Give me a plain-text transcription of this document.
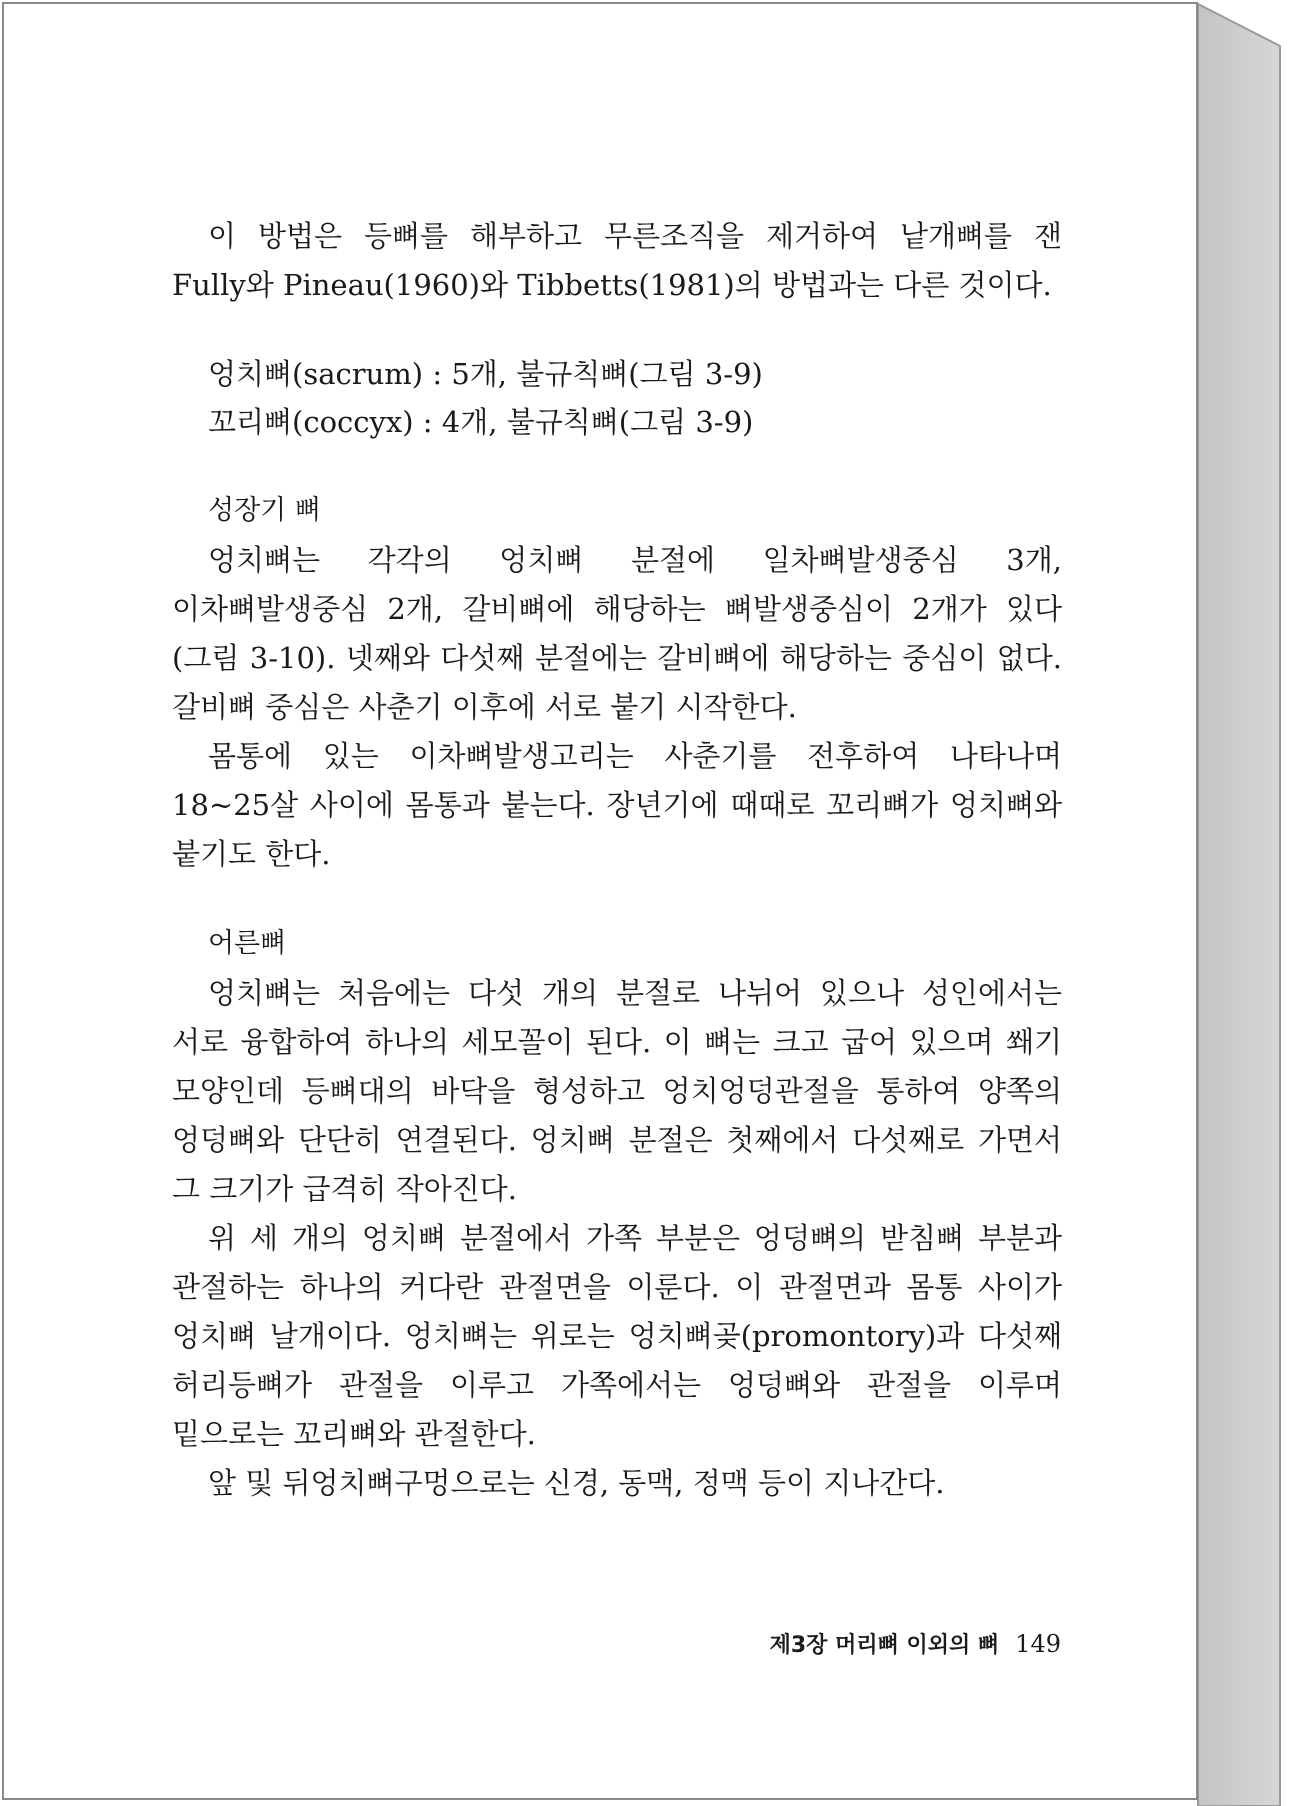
이 방법은 등뼈를 해부하고 무른조직을 제거하여 낱개뼈를 잰 Fully와 Pineau(1960)와 Tibbetts(1981)의 방법과는 다른 것이다.

엉치뼈(sacrum) : 5개, 불규칙뼈(그림 3-9)

꼬리뼈(coccyx) : 4개, 불규칙뼈(그림 3-9)

성장기 뼈

엉치뼈는 각각의 엉치뼈 분절에 일차뼈발생중심 3개, 이차뼈발생중심 2개, 갈비뼈에 해당하는 뼈발생중심이 2개가 있다(그림 3-10). 넷째와 다섯째 분절에는 갈비뼈에 해당하는 중심이 없다. 갈비뼈 중심은 사춘기 이후에 서로 붙기 시작한다.

몸통에 있는 이차뼈발생고리는 사춘기를 전후하여 나타나며 18~25살 사이에 몸통과 붙는다. 장년기에 때때로 꼬리뼈가 엉치뼈와 붙기도 한다.

어른뼈

엉치뼈는 처음에는 다섯 개의 분절로 나뉘어 있으나 성인에서는 서로 융합하여 하나의 세모꼴이 된다. 이 뼈는 크고 굽어 있으며 쐐기 모양인데 등뼈대의 바닥을 형성하고 엉치엉덩관절을 통하여 양쪽의 엉덩뼈와 단단히 연결된다. 엉치뼈 분절은 첫째에서 다섯째로 가면서 그 크기가 급격히 작아진다.

위 세 개의 엉치뼈 분절에서 가쪽 부분은 엉덩뼈의 받침뼈 부분과 관절하는 하나의 커다란 관절면을 이룬다. 이 관절면과 몸통 사이가 엉치뼈 날개이다. 엉치뼈는 위로는 엉치뼈곶(promontory)과 다섯째 허리등뼈가 관절을 이루고 가쪽에서는 엉덩뼈와 관절을 이루며 밑으로는 꼬리뼈와 관절한다.

앞 및 뒤엉치뼈구멍으로는 신경, 동맥, 정맥 등이 지나간다.

제3장 머리뼈 이외의 뼈 149
